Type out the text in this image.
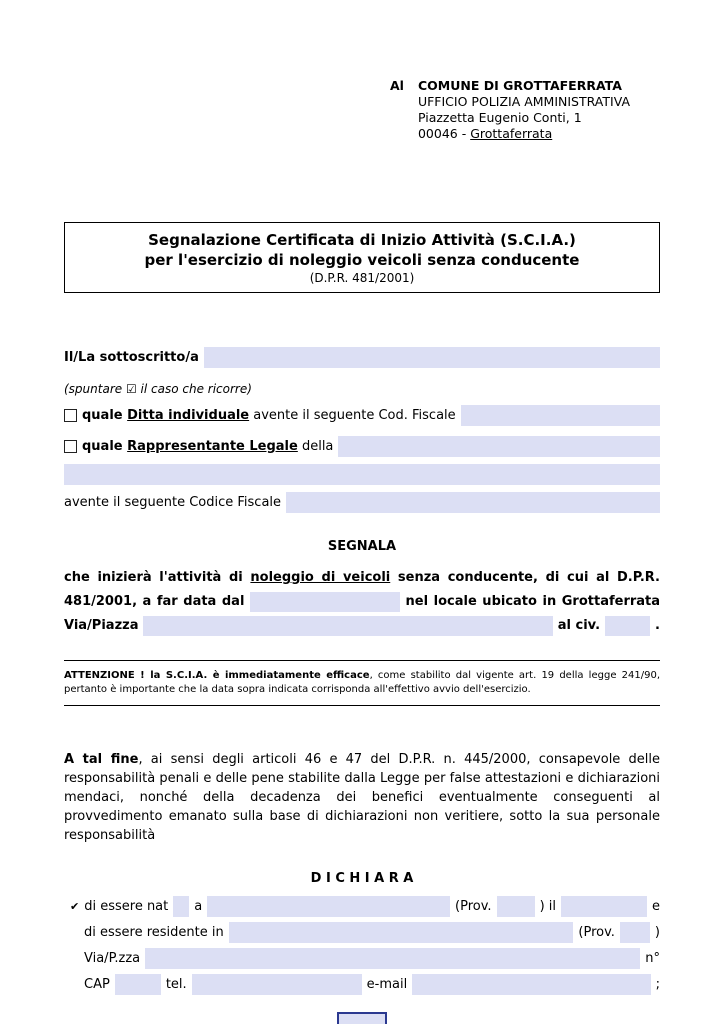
Al COMUNE DI GROTTAFERRATA
UFFICIO POLIZIA AMMINISTRATIVA
Piazzetta Eugenio Conti, 1
00046 - Grottaferrata
Segnalazione Certificata di Inizio Attività (S.C.I.A.)
per l'esercizio di noleggio veicoli senza conducente
(D.P.R. 481/2001)
Il/La sottoscritto/a
(spuntare ☑ il caso che ricorre)
quale Ditta individuale avente il seguente Cod. Fiscale
quale Rappresentante Legale della
avente il seguente Codice Fiscale
SEGNALA
che inizierà l'attività di noleggio di veicoli senza conducente, di cui al D.P.R.
481/2001, a far data dal	nel locale ubicato in Grottaferrata
Via/Piazza	al civ.	.
ATTENZIONE ! la S.C.I.A. è immediatamente efficace, come stabilito dal vigente art. 19 della legge 241/90, pertanto è importante che la data sopra indicata corrisponda all'effettivo avvio dell'esercizio.
A tal fine, ai sensi degli articoli 46 e 47 del D.P.R. n. 445/2000, consapevole delle responsabilità penali e delle pene stabilite dalla Legge per false attestazioni e dichiarazioni mendaci, nonché della decadenza dei benefici eventualmente conseguenti al provvedimento emanato sulla base di dichiarazioni non veritiere, sotto la sua personale responsabilità
D I C H I A R A
✔ di essere nat a	(Prov.	) il	e
di essere residente in	(Prov.	)
Via/P.zza	n°
CAP	tel.	e-mail	;
